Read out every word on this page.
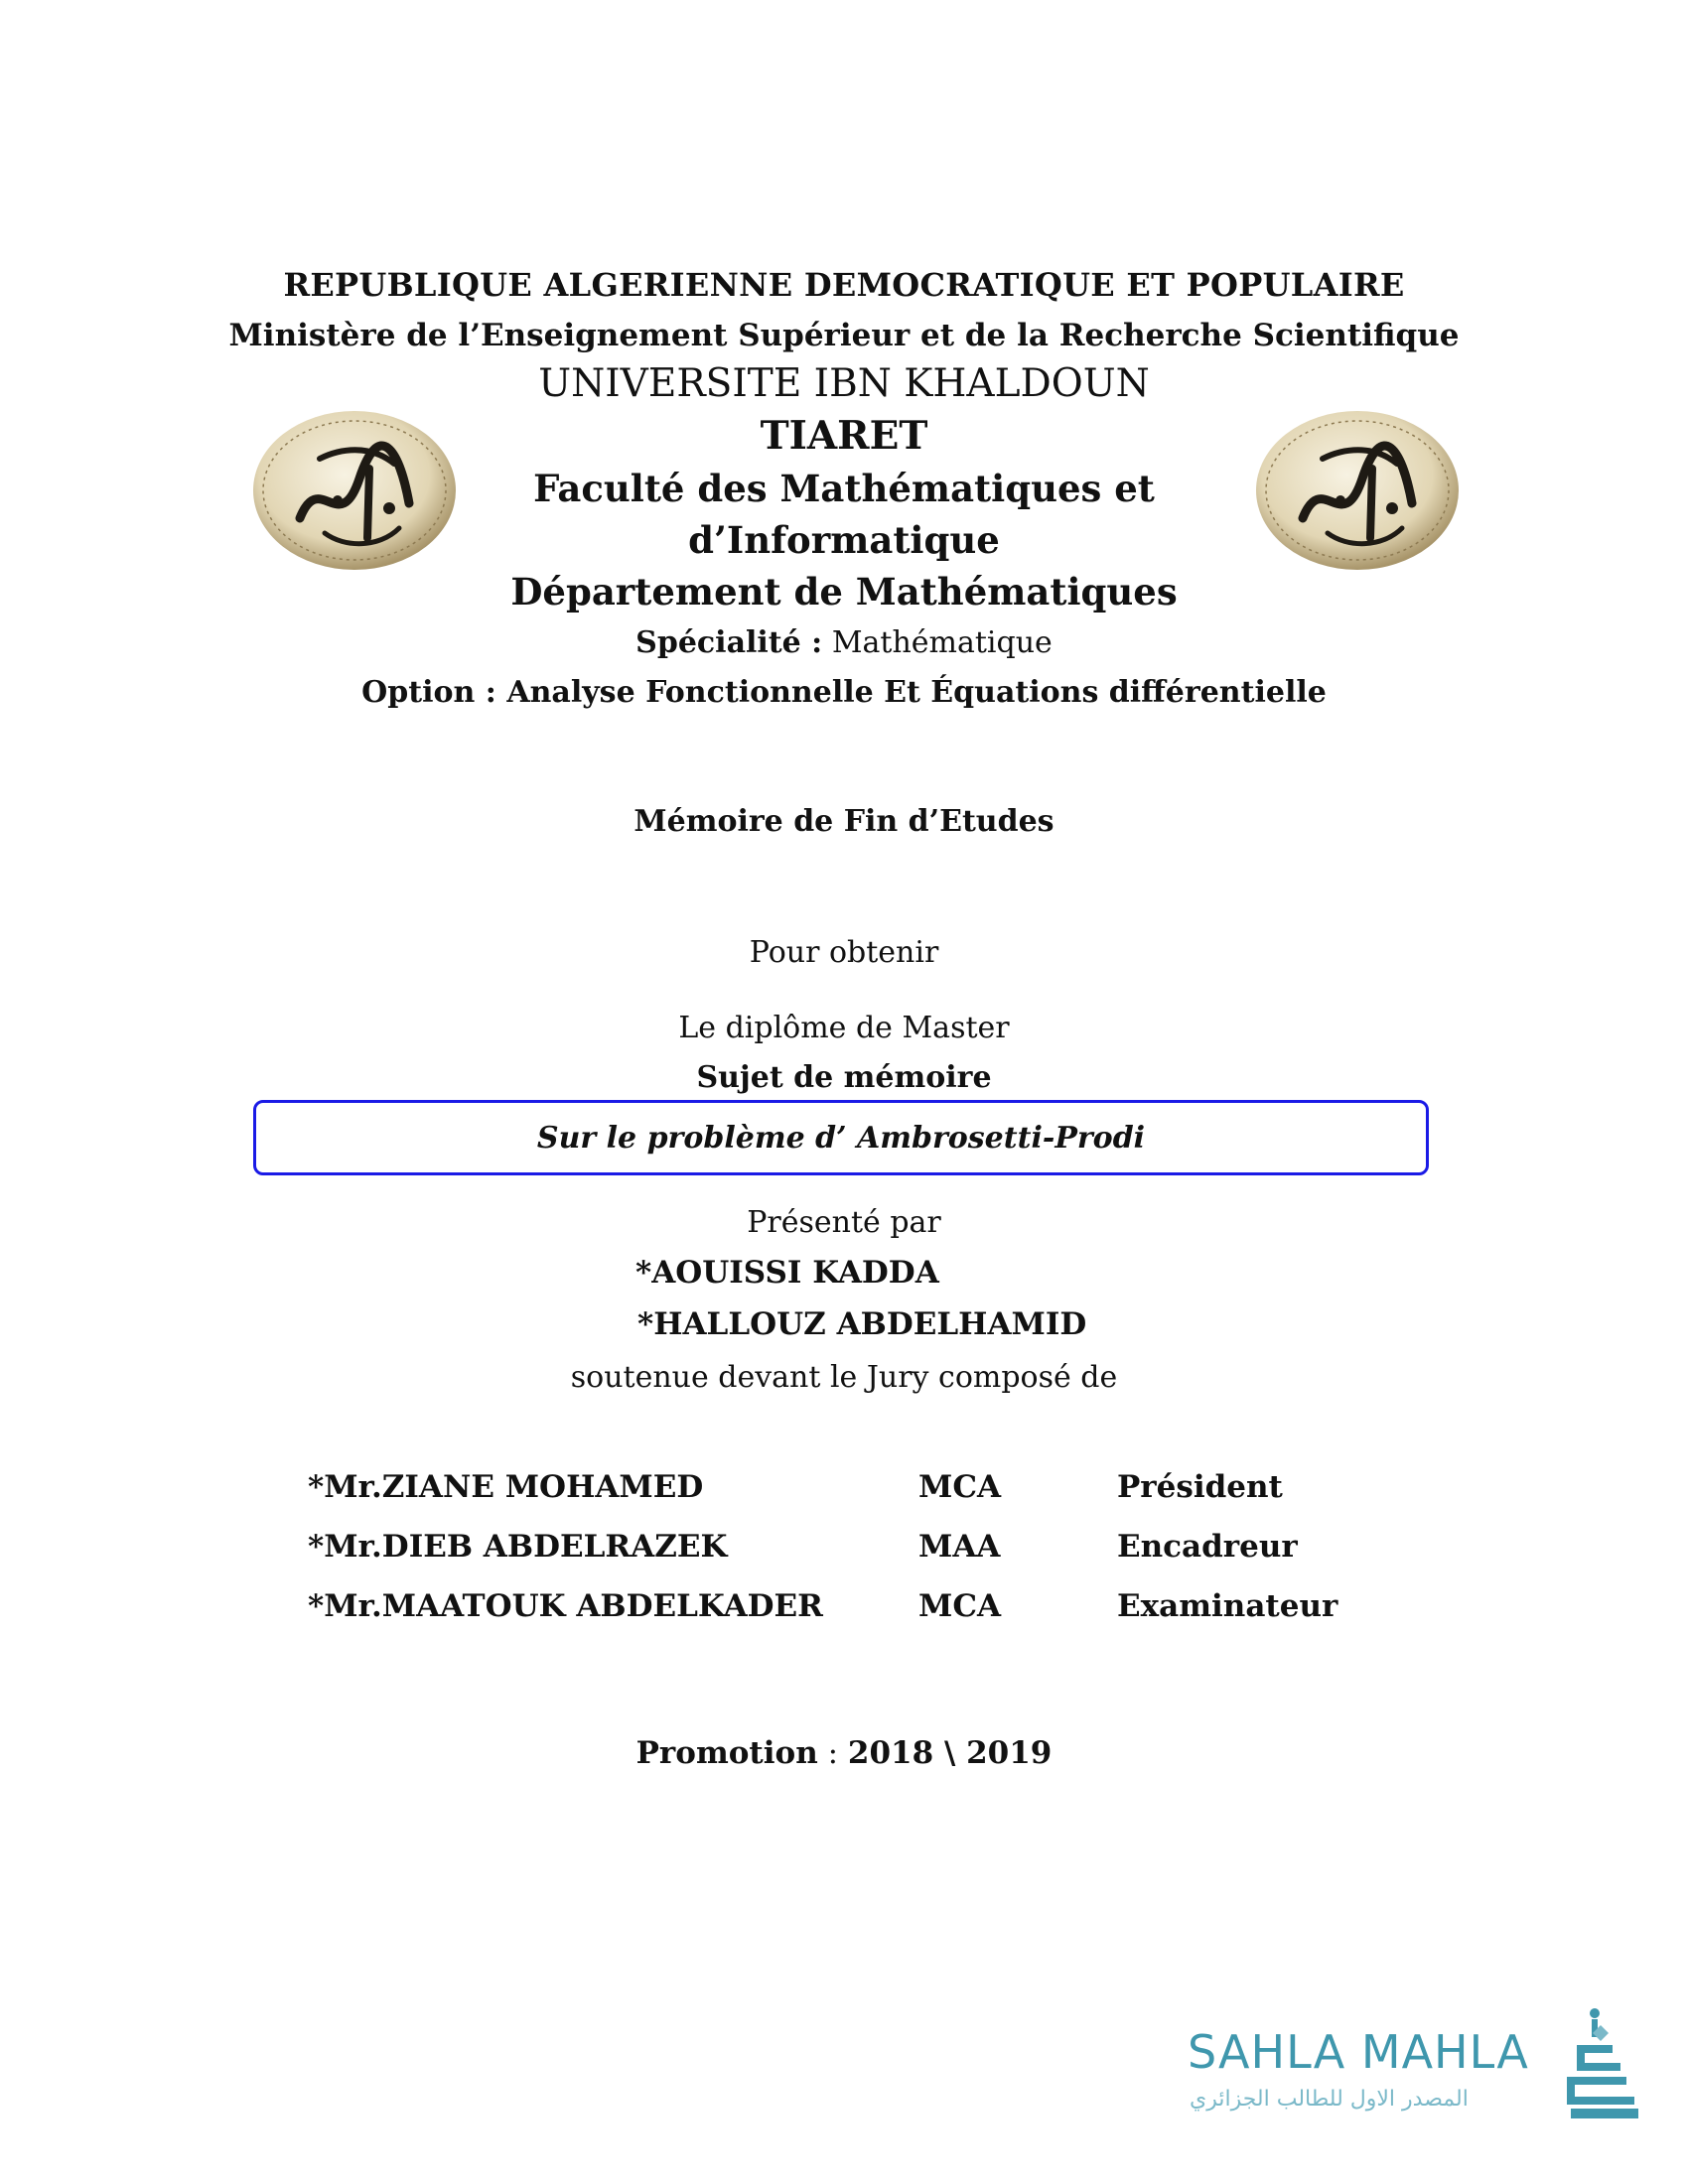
REPUBLIQUE ALGERIENNE DEMOCRATIQUE ET POPULAIRE
Ministère de l’Enseignement Supérieur et de la Recherche Scientifique
UNIVERSITE IBN KHALDOUN
TIARET
Faculté des Mathématiques et
d’Informatique
Département de Mathématiques
Spécialité : Mathématique
Option : Analyse Fonctionnelle Et Équations différentielle
Mémoire de Fin d’Etudes
Pour obtenir
Le diplôme de Master
Sujet de mémoire
Sur le problème d’ Ambrosetti-Prodi
Présenté par
*AOUISSI KADDA
*HALLOUZ ABDELHAMID
soutenue devant le Jury composé de
*Mr.ZIANE MOHAMED	MCA	Président
*Mr.DIEB ABDELRAZEK	MAA	Encadreur
*Mr.MAATOUK ABDELKADER	MCA	Examinateur
Promotion : 2018 \ 2019
SAHLA MAHLA
المصدر الاول للطالب الجزائري
